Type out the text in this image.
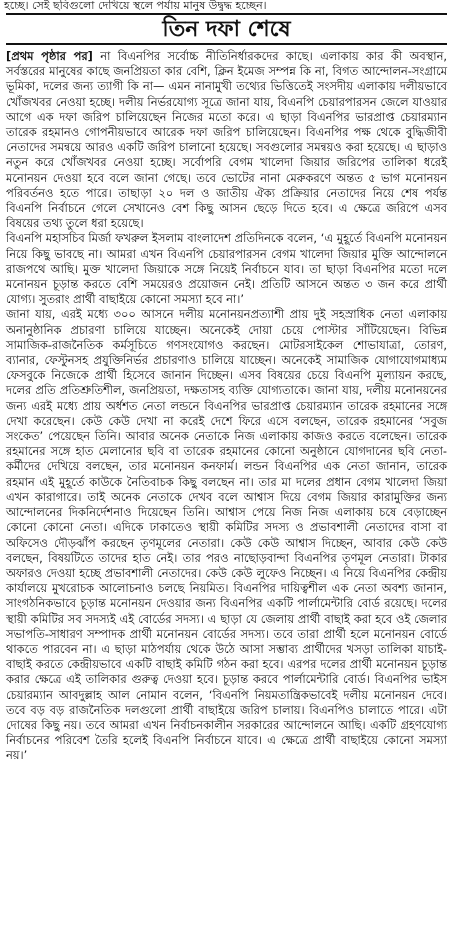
হচ্ছে। সেই ছবিগুলো দেখিয়ে স্থলে পর্যায় মানুষ উদ্বুদ্ধ হচ্ছেন।
তিন দফা শেষে

[প্রথম পৃষ্ঠার পর] না বিএনপির সর্বোচ্চ নীতিনির্ধারকদের কাছে। এলাকায় কার কী অবস্থান, সর্বস্তরের মানুষের কাছে জনপ্রিয়তা কার বেশি, ক্লিন ইমেজ সম্পন্ন কি না, বিগত আন্দোলন-সংগ্রামে ভূমিকা, দলের জন্য ত্যাগী কি না— এমন নানামুখী তথ্যের ভিত্তিতেই সংসদীয় এলাকায় দলীয়ভাবে খোঁজখবর নেওয়া হচ্ছে। দলীয় নির্ভরযোগ্য সূত্রে জানা যায়, বিএনপি চেয়ারপারসন জেলে যাওয়ার আগে এক দফা জরিপ চালিয়েছেন নিজের মতো করে। এ ছাড়া বিএনপির ভারপ্রাপ্ত চেয়ারম্যান তারেক রহমানও গোপনীয়ভাবে আরেক দফা জরিপ চালিয়েছেন। বিএনপির পক্ষ থেকে বুদ্ধিজীবী নেতাদের সমন্বয়ে আরও একটি জরিপ চালানো হয়েছে। সবগুলোর সমন্বয়ও করা হয়েছে। এ ছাড়াও নতুন করে খোঁজখবর নেওয়া হচ্ছে। সর্বোপরি বেগম খালেদা জিয়ার জরিপের তালিকা ধরেই মনোনয়ন দেওয়া হবে বলে জানা গেছে। তবে ভোটের নানা মেরুকরণে অন্তত ৫ ভাগ মনোনয়ন পরিবর্তনও হতে পারে। তাছাড়া ২০ দল ও জাতীয় ঐক্য প্রক্রিয়ার নেতাদের নিয়ে শেষ পর্যন্ত বিএনপি নির্বাচনে গেলে সেখানেও বেশ কিছু আসন ছেড়ে দিতে হবে। এ ক্ষেত্রে জরিপে এসব বিষয়ের তথ্য তুলে ধরা হয়েছে।

বিএনপি মহাসচিব মির্জা ফখরুল ইসলাম বাংলাদেশ প্রতিদিনকে বলেন, ‘এ মুহূর্তে বিএনপি মনোনয়ন নিয়ে কিছু ভাবছে না। আমরা এখন বিএনপি চেয়ারপারসন বেগম খালেদা জিয়ার মুক্তি আন্দোলনে রাজপথে আছি। মুক্ত খালেদা জিয়াকে সঙ্গে নিয়েই নির্বাচনে যাব। তা ছাড়া বিএনপির মতো দলে মনোনয়ন চূড়ান্ত করতে বেশি সময়েরও প্রয়োজন নেই। প্রতিটি আসনে অন্তত ৩ জন করে প্রার্থী যোগ্য। সুতরাং প্রার্থী বাছাইয়ে কোনো সমস্যা হবে না।’

জানা যায়, এরই মধ্যে ৩০০ আসনে দলীয় মনোনয়নপ্রত্যাশী প্রায় দুই সহস্রাধিক নেতা এলাকায় অনানুষ্ঠানিক প্রচারণা চালিয়ে যাচ্ছেন। অনেকেই দোয়া চেয়ে পোস্টার সাঁটিয়েছেন। বিভিন্ন সামাজিক-রাজনৈতিক কর্মসূচিতে গণসংযোগও করছেন। মোটরসাইকেল শোভাযাত্রা, তোরণ, ব্যানার, ফেস্টুনসহ প্রযুক্তিনির্ভর প্রচারণাও চালিয়ে যাচ্ছেন। অনেকেই সামাজিক যোগাযোগমাধ্যম ফেসবুকে নিজেকে প্রার্থী হিসেবে জানান দিচ্ছেন। এসব বিষয়ের চেয়ে বিএনপি মূল্যায়ন করছে, দলের প্রতি প্রতিশ্রুতিশীল, জনপ্রিয়তা, দক্ষতাসহ ব্যক্তি যোগ্যতাকে। জানা যায়, দলীয় মনোনয়নের জন্য এরই মধ্যে প্রায় অর্ধশত নেতা লন্ডনে বিএনপির ভারপ্রাপ্ত চেয়ারম্যান তারেক রহমানের সঙ্গে দেখা করেছেন। কেউ কেউ দেখা না করেই দেশে ফিরে এসে বলছেন, তারেক রহমানের ‘সবুজ সংকেত’ পেয়েছেন তিনি। আবার অনেক নেতাকে নিজ এলাকায় কাজও করতে বলেছেন। তারেক রহমানের সঙ্গে হাত মেলানোর ছবি বা তারেক রহমানের কোনো অনুষ্ঠানে যোগদানের ছবি নেতা-কর্মীদের দেখিয়ে বলছেন, তার মনোনয়ন কনফার্ম। লন্ডন বিএনপির এক নেতা জানান, তারেক রহমান এই মুহূর্তে কাউকে নৈতিবাচক কিছু বলছেন না। তার মা দলের প্রধান বেগম খালেদা জিয়া এখন কারাগারে। তাই অনেক নেতাকে দেখব বলে আশ্বাস দিয়ে বেগম জিয়ার কারামুক্তির জন্য আন্দোলনের দিকনির্দেশনাও দিয়েছেন তিনি। আশ্বাস পেয়ে নিজ নিজ এলাকায় চষে বেড়াচ্ছেন কোনো কোনো নেতা। এদিকে ঢাকাতেও স্থায়ী কমিটির সদস্য ও প্রভাবশালী নেতাদের বাসা বা অফিসেও দৌড়ঝাঁপ করছেন তৃণমূলের নেতারা। কেউ কেউ আশ্বাস দিচ্ছেন, আবার কেউ কেউ বলছেন, বিষয়টিতে তাদের হাত নেই। তার পরও নাছোড়বান্দা বিএনপির তৃণমূল নেতারা। টাকার অফারও দেওয়া হচ্ছে প্রভাবশালী নেতাদের। কেউ কেউ লুফেও নিচ্ছেন। এ নিয়ে বিএনপির কেন্দ্রীয় কার্যালয়ে মুখরোচক আলোচনাও চলছে নিয়মিত। বিএনপির দায়িত্বশীল এক নেতা অবশ্য জানান, সাংগঠনিকভাবে চূড়ান্ত মনোনয়ন দেওয়ার জন্য বিএনপির একটি পার্লামেন্টারি বোর্ড রয়েছে। দলের স্থায়ী কমিটির সব সদস্যই এই বোর্ডের সদস্য। এ ছাড়া যে জেলায় প্রার্থী বাছাই করা হবে ওই জেলার সভাপতি-সাধারণ সম্পাদক প্রার্থী মনোনয়ন বোর্ডের সদস্য। তবে তারা প্রার্থী হলে মনোনয়ন বোর্ডে থাকতে পারবেন না। এ ছাড়া মাঠপর্যায় থেকে উঠে আসা সম্ভাব্য প্রার্থীদের খসড়া তালিকা যাচাই-বাছাই করতে কেন্দ্রীয়ভাবে একটি বাছাই কমিটি গঠন করা হবে। এরপর দলের প্রার্থী মনোনয়ন চূড়ান্ত করার ক্ষেত্রে এই তালিকার গুরুত্ব দেওয়া হবে। চূড়ান্ত করবে পার্লামেন্টারি বোর্ড। বিএনপির ভাইস চেয়ারম্যান আবদুল্লাহ আল নোমান বলেন, ‘বিএনপি নিয়মতান্ত্রিকভাবেই দলীয় মনোনয়ন দেবে। তবে বড় বড় রাজনৈতিক দলগুলো প্রার্থী বাছাইয়ে জরিপ চালায়। বিএনপিও চালাতে পারে। এটা দোষের কিছু নয়। তবে আমরা এখন নির্বাচনকালীন সরকারের আন্দোলনে আছি। একটি গ্রহণযোগ্য নির্বাচনের পরিবেশ তৈরি হলেই বিএনপি নির্বাচনে যাবে। এ ক্ষেত্রে প্রার্থী বাছাইয়ে কোনো সমস্যা নয়।’
